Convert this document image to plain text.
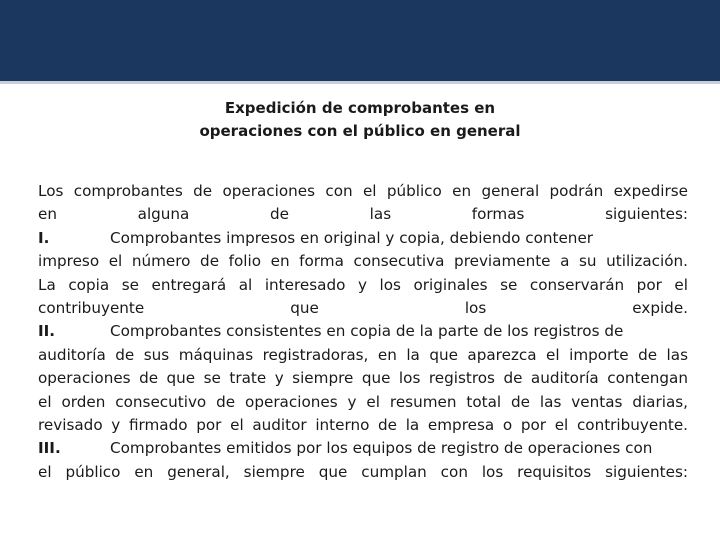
Expedición de comprobantes en
operaciones con el público en general
Los comprobantes de operaciones con el público en general podrán expedirse
en alguna de las formas siguientes:
I.	Comprobantes impresos en original y copia, debiendo contener
impreso el número de folio en forma consecutiva previamente a su utilización.
La copia se entregará al interesado y los originales se conservarán por el
contribuyente que los expide.
II.	Comprobantes consistentes en copia de la parte de los registros de
auditoría de sus máquinas registradoras, en la que aparezca el importe de las
operaciones de que se trate y siempre que los registros de auditoría contengan
el orden consecutivo de operaciones y el resumen total de las ventas diarias,
revisado y firmado por el auditor interno de la empresa o por el contribuyente.
III.	Comprobantes emitidos por los equipos de registro de operaciones con
el público en general, siempre que cumplan con los requisitos siguientes:
